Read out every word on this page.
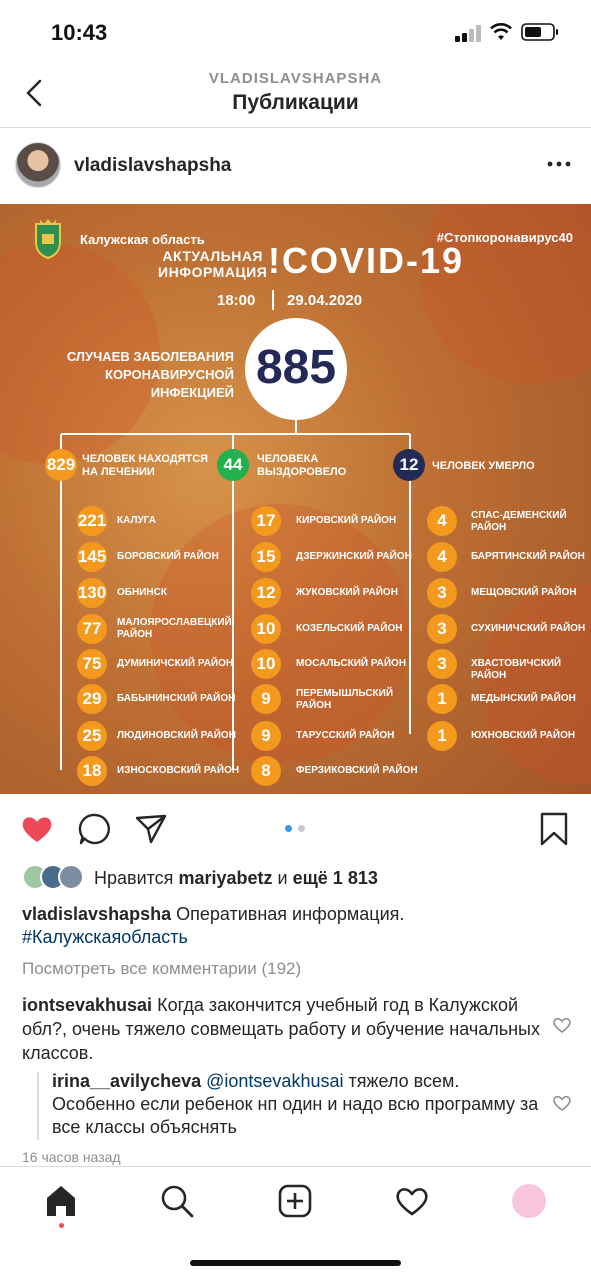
10:43
VLADISLAVSHAPSHA
Публикации
vladislavshapsha
Калужская область	#Стопкоронавирус40
АКТУАЛЬНАЯ
ИНФОРМАЦИЯ !COVID-19
18:00 29.04.2020
СЛУЧАЕВ ЗАБОЛЕВАНИЯ
КОРОНАВИРУСНОЙ ИНФЕКЦИЕЙ 885
829 ЧЕЛОВЕК НАХОДЯТСЯ
НА ЛЕЧЕНИИ	44	ЧЕЛОВЕКА
ВЫЗДОРОВЕЛО	12	ЧЕЛОВЕК УМЕРЛО
221 КАЛУГА
145 БОРОВСКИЙ РАЙОН
130 ОБНИНСК
77	МАЛОЯРОСЛАВЕЦКИЙ
РАЙОН
75	ДУМИНИЧСКИЙ РАЙОН
29	БАБЫНИНСКИЙ РАЙОН
25	ЛЮДИНОВСКИЙ РАЙОН
18	ИЗНОСКОВСКИЙ РАЙОН
17	КИРОВСКИЙ РАЙОН
15	ДЗЕРЖИНСКИЙ РАЙОН
12	ЖУКОВСКИЙ РАЙОН
10	КОЗЕЛЬСКИЙ РАЙОН
10	МОСАЛЬСКИЙ РАЙОН
9	ПЕРЕМЫШЛЬСКИЙ
РАЙОН
9	ТАРУССКИЙ РАЙОН
8	ФЕРЗИКОВСКИЙ РАЙОН
4	СПАС-ДЕМЕНСКИЙ
РАЙОН
4	БАРЯТИНСКИЙ РАЙОН
3	МЕЩОВСКИЙ РАЙОН
3	СУХИНИЧСКИЙ РАЙОН
3	ХВАСТОВИЧСКИЙ РАЙОН
1	МЕДЫНСКИЙ РАЙОН
1	ЮХНОВСКИЙ РАЙОН
Нравится mariyabetz и ещё 1 813
vladislavshapsha Оперативная информация.
#Калужскаяобласть
Посмотреть все комментарии (192)
iontsevakhusai Когда закончится учебный год в Калужской обл?, очень тяжело совмещать работу и обучение начальных классов.
irina__avilycheva @iontsevakhusai тяжело всем. Особенно если ребенок нп один и надо всю программу за все классы объяснять
16 часов назад
